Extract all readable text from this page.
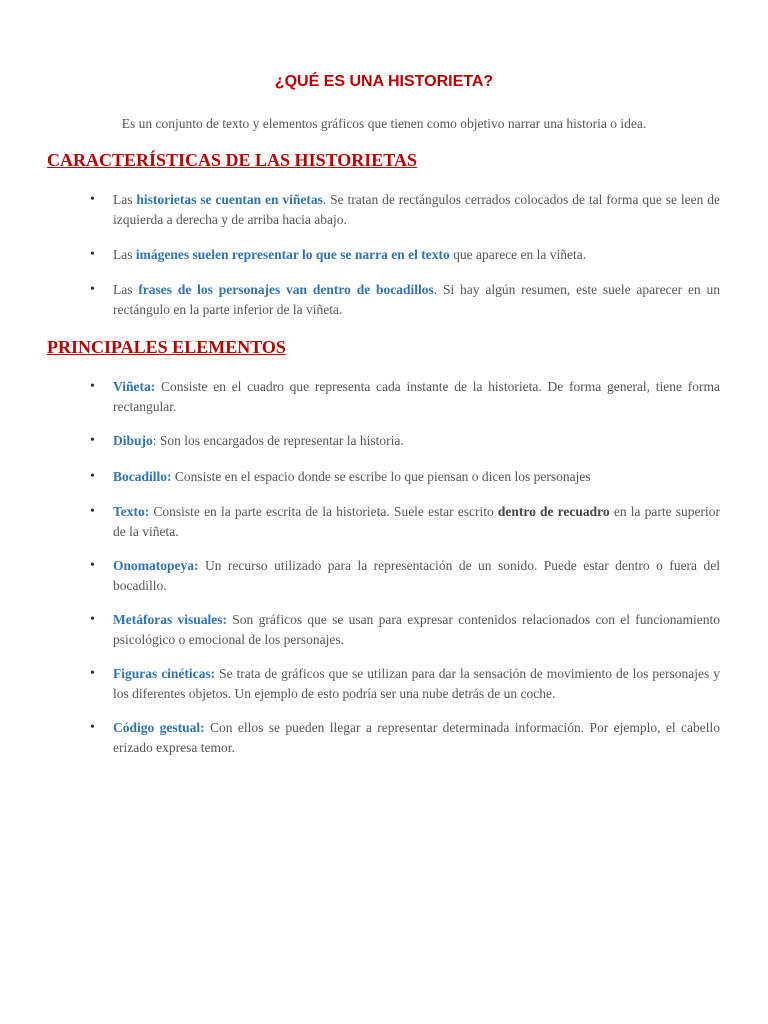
¿QUÉ ES UNA HISTORIETA?

Es un conjunto de texto y elementos gráficos que tienen como objetivo narrar una historia o idea.

CARACTERÍSTICAS DE LAS HISTORIETAS
• Las historietas se cuentan en viñetas. Se tratan de rectángulos cerrados colocados de tal forma que se leen de izquierda a derecha y de arriba hacia abajo.
• Las imágenes suelen representar lo que se narra en el texto que aparece en la viñeta.
• Las frases de los personajes van dentro de bocadillos. Si hay algún resumen, este suele aparecer en un rectángulo en la parte inferior de la viñeta.
PRINCIPALES ELEMENTOS
• Viñeta: Consiste en el cuadro que representa cada instante de la historieta. De forma general, tiene forma rectangular.
• Dibujo: Son los encargados de representar la historia.
• Bocadillo: Consiste en el espacio donde se escribe lo que piensan o dicen los personajes
• Texto: Consiste en la parte escrita de la historieta. Suele estar escrito dentro de recuadro en la parte superior de la viñeta.
• Onomatopeya: Un recurso utilizado para la representación de un sonido. Puede estar dentro o fuera del bocadillo.
• Metáforas visuales: Son gráficos que se usan para expresar contenidos relacionados con el funcionamiento psicológico o emocional de los personajes.
• Figuras cinéticas: Se trata de gráficos que se utilizan para dar la sensación de movimiento de los personajes y los diferentes objetos. Un ejemplo de esto podría ser una nube detrás de un coche.
• Código gestual: Con ellos se pueden llegar a representar determinada información. Por ejemplo, el cabello erizado expresa temor.
